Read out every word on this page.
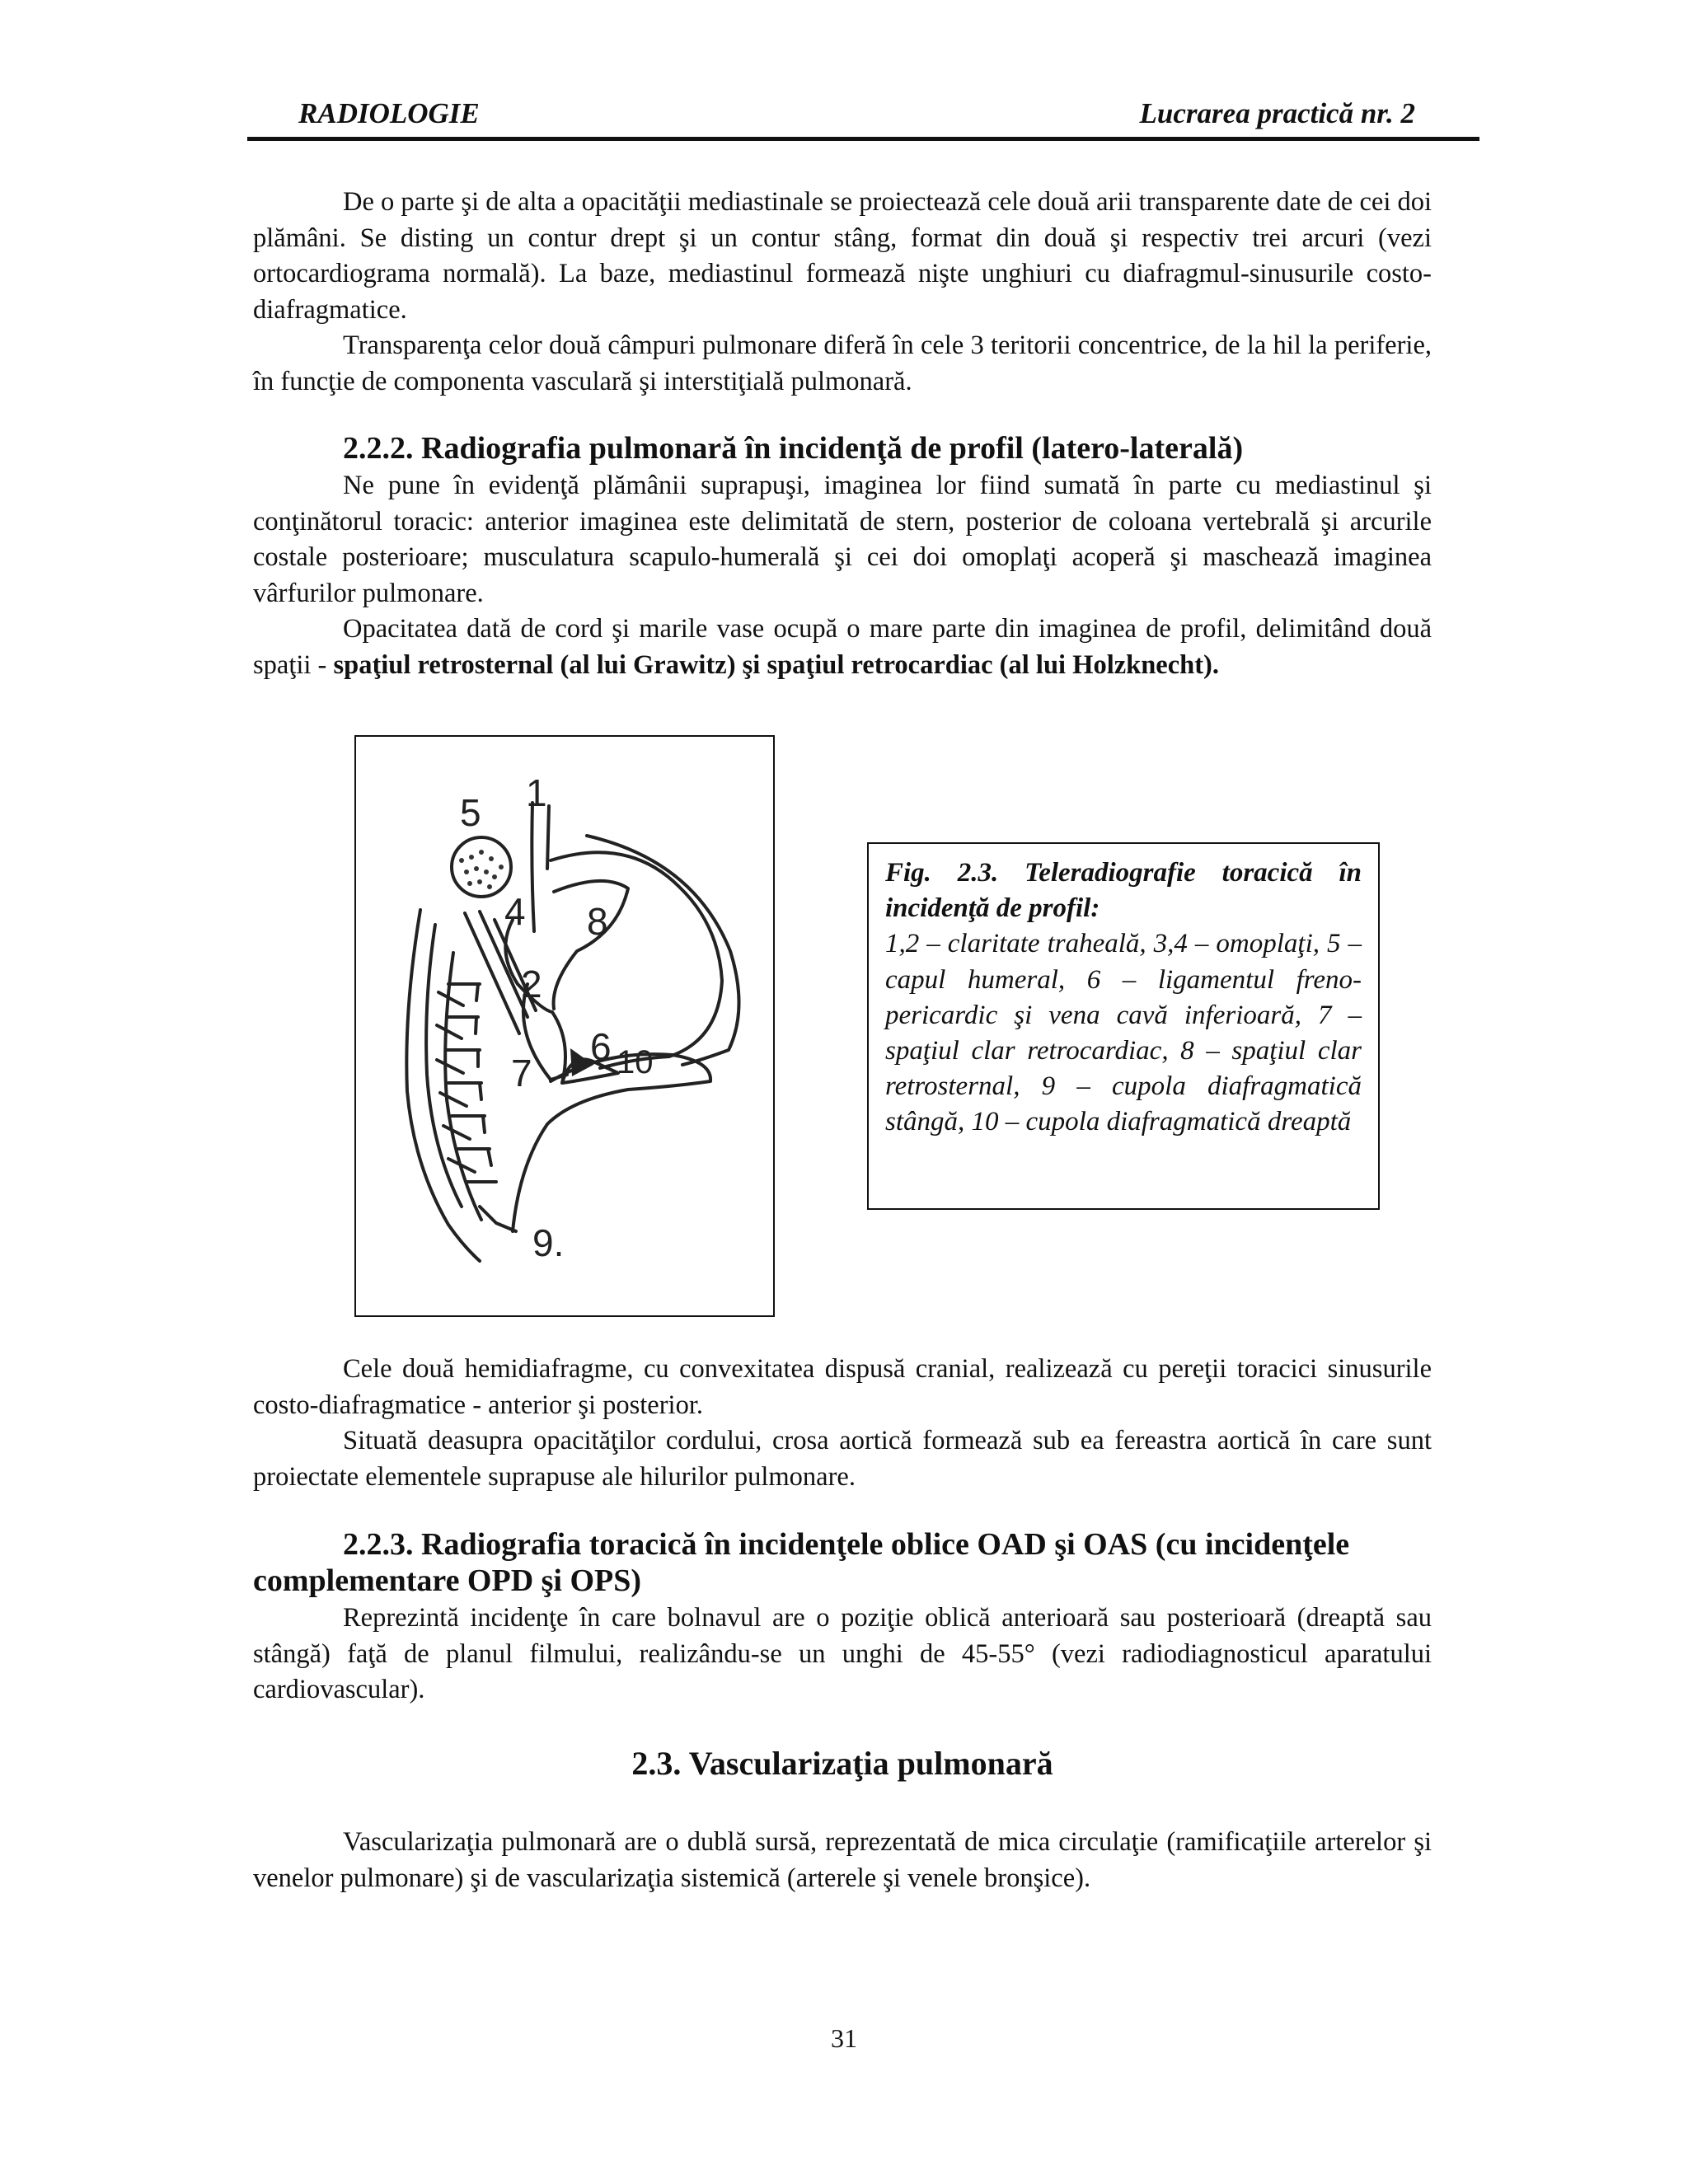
RADIOLOGIE	Lucrarea practică nr. 2

De o parte şi de alta a opacităţii mediastinale se proiectează cele două arii transparente date de cei doi plămâni. Se disting un contur drept şi un contur stâng, format din două şi respectiv trei arcuri (vezi ortocardiograma normală). La baze, mediastinul formează nişte unghiuri cu diafragmul-sinusurile costo-diafragmatice.

Transparenţa celor două câmpuri pulmonare diferă în cele 3 teritorii concentrice, de la hil la periferie, în funcţie de componenta vasculară şi interstiţială pulmonară.

2.2.2. Radiografia pulmonară în incidenţă de profil (latero-laterală)

Ne pune în evidenţă plămânii suprapuşi, imaginea lor fiind sumată în parte cu mediastinul şi conţinătorul toracic: anterior imaginea este delimitată de stern, posterior de coloana vertebrală şi arcurile costale posterioare; musculatura scapulo-humerală şi cei doi omoplaţi acoperă şi maschează imaginea vârfurilor pulmonare.

Opacitatea dată de cord şi marile vase ocupă o mare parte din imaginea de profil, delimitând două spaţii - spaţiul retrosternal (al lui Grawitz) şi spaţiul retrocardiac (al lui Holzknecht).

5 1
4 8
2
6 10
7
9.
Fig. 2.3. Teleradiografie toracică în incidenţă de profil:
1,2 – claritate traheală, 3,4 – omoplaţi, 5 – capul humeral, 6 – ligamentul freno-pericardic şi vena cavă inferioară, 7 – spaţiul clar retrocardiac, 8 – spaţiul clar retrosternal, 9 – cupola diafragmatică stângă, 10 – cupola diafragmatică dreaptă

Cele două hemidiafragme, cu convexitatea dispusă cranial, realizează cu pereţii toracici sinusurile costo-diafragmatice - anterior şi posterior.

Situată deasupra opacităţilor cordului, crosa aortică formează sub ea fereastra aortică în care sunt proiectate elementele suprapuse ale hilurilor pulmonare.

2.2.3. Radiografia toracică în incidenţele oblice OAD şi OAS (cu incidenţele
complementare OPD şi OPS)

Reprezintă incidenţe în care bolnavul are o poziţie oblică anterioară sau posterioară (dreaptă sau stângă) faţă de planul filmului, realizându-se un unghi de 45-55° (vezi radiodiagnosticul aparatului cardiovascular).

2.3. Vascularizaţia pulmonară

Vascularizaţia pulmonară are o dublă sursă, reprezentată de mica circulaţie (ramificaţiile arterelor şi venelor pulmonare) şi de vascularizaţia sistemică (arterele şi venele bronşice).

31
